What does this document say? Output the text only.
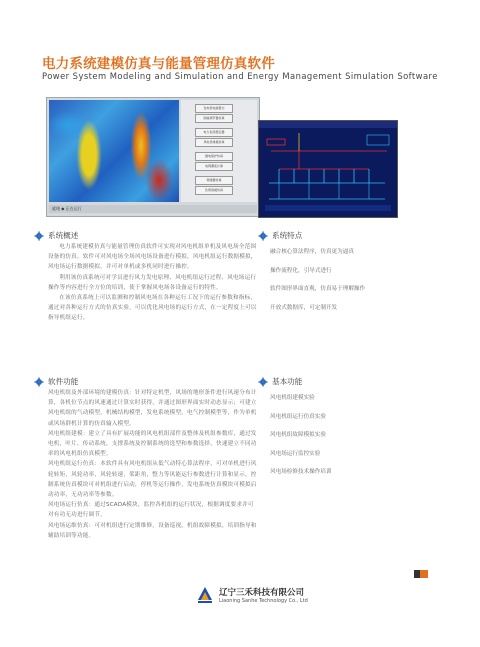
电力系统建模仿真与能量管理仿真软件
Power System Modeling and Simulation and Energy Management Simulation Software
发电机电磁暂态
励磁调节器仿真
电力系统稳定器
风电场建模仿真
继电保护仿真
电网潮流计算
调速器仿真
负荷建模仿真
就绪 ◆ 正在运行
系统概述

电力系统建模仿真与能量管理仿真软件可实现对风电机组单机及风电场全范围设备的仿真。软件可对风电场全场风电场设备进行模拟，风电机组运行数据模拟，风电场运行数据模拟，并可对单机或多机同时进行操控。

利用该仿真系统可对学员进行风力发电原理、风电机组运行过程、风电场运行操作等内容进行全方位的培训，使于掌握风电场各设备运行的特性。

在该仿真系统上可以监测和控制风电场在各种运行工况下的运行参数和指标，通过对各种运行方式的仿真实验，可以优化风电场的运行方式，在一定程度上可以指导机组运行。

系统特点
融合核心算法程序，仿真更为逼真
操作流程化，引导式进行
软件图形界面直观，仿真易于理解操作
开放式数据库，可定制开发
软件功能

风电机组及外部环境的建模仿真：针对特定机型，风场的地形条件进行风速分布计算，各机位节点的风速通过计算实时获得，并通过图形界面实时动态显示；可建立风电机组的气动模型，机械结构模型，发电系统模型，电气控制模型等，作为单机或风场群机计算的仿真输入模型。

风电机组建模：建立了具有扩展功能的风电机组部件及整体及机组参数库，通过发电机，叶片，传动系统，支撑系统及控制系统的选型和参数选择，快速建立不同功率的风电机组仿真模型。

风电机组运行仿真：本软件具有风电机组从低气动特心算法程序，可对单机进行风轮转矩，风轮功率，风轮转速，桨距角，整力等风能运行参数进行计算和显示，控制系统仿真模块可对机组进行启动，停机等运行操作，发电系统仿真模块可模拟启动功率，无功功率等参数。

风电场运行仿真：通过SCADA模块，监控各机组的运行状况，根据调度要求并可对有功无功进行调节。

风电场运维仿真：可对机组进行定期维修，设备巡视，机组故障模拟，培训指导和辅助培训等功能。

基本功能
风电机组建模实验
风电机组运行仿真实验
风电机组故障模拟实验
风电场运行监控实验
风电场检修技术操作培训
辽宁三禾科技有限公司
Liaoning Sanhe Technology Co., Ltd
